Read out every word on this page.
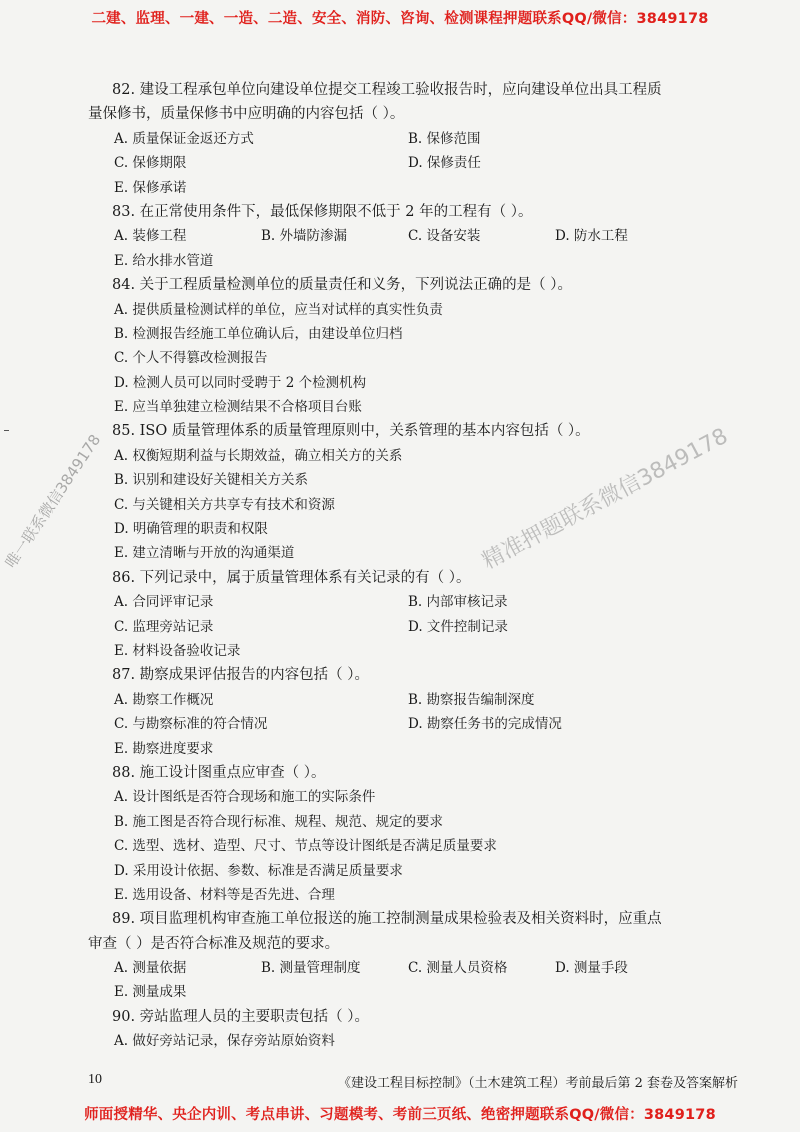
二建、监理、一建、一造、二造、安全、消防、咨询、检测课程押题联系QQ/微信：3849178
82. 建设工程承包单位向建设单位提交工程竣工验收报告时，应向建设单位出具工程质
量保修书，质量保修书中应明确的内容包括（ ）。
A. 质量保证金返还方式	B. 保修范围
C. 保修期限	D. 保修责任
E. 保修承诺
83. 在正常使用条件下，最低保修期限不低于 2 年的工程有（ ）。
A. 装修工程	B. 外墙防渗漏	C. 设备安装	D. 防水工程
E. 给水排水管道
84. 关于工程质量检测单位的质量责任和义务，下列说法正确的是（ ）。
A. 提供质量检测试样的单位，应当对试样的真实性负责
B. 检测报告经施工单位确认后，由建设单位归档
C. 个人不得篡改检测报告
D. 检测人员可以同时受聘于 2 个检测机构
E. 应当单独建立检测结果不合格项目台账
85. ISO 质量管理体系的质量管理原则中，关系管理的基本内容包括（ ）。
A. 权衡短期利益与长期效益，确立相关方的关系
B. 识别和建设好关键相关方关系
C. 与关键相关方共享专有技术和资源
D. 明确管理的职责和权限
E. 建立清晰与开放的沟通渠道
86. 下列记录中，属于质量管理体系有关记录的有（ ）。
A. 合同评审记录	B. 内部审核记录
C. 监理旁站记录	D. 文件控制记录
E. 材料设备验收记录
87. 勘察成果评估报告的内容包括（ ）。
A. 勘察工作概况	B. 勘察报告编制深度
C. 与勘察标准的符合情况	D. 勘察任务书的完成情况
E. 勘察进度要求
88. 施工设计图重点应审查（ ）。
A. 设计图纸是否符合现场和施工的实际条件
B. 施工图是否符合现行标准、规程、规范、规定的要求
C. 选型、选材、造型、尺寸、节点等设计图纸是否满足质量要求
D. 采用设计依据、参数、标准是否满足质量要求
E. 选用设备、材料等是否先进、合理
89. 项目监理机构审查施工单位报送的施工控制测量成果检验表及相关资料时，应重点
审查（ ）是否符合标准及规范的要求。
A. 测量依据	B. 测量管理制度	C. 测量人员资格	D. 测量手段
E. 测量成果
90. 旁站监理人员的主要职责包括（ ）。
A. 做好旁站记录，保存旁站原始资料
唯一联系微信3849178	精准押题联系微信3849178
10	《建设工程目标控制》（土木建筑工程）考前最后第 2 套卷及答案解析
师面授精华、央企内训、考点串讲、习题模考、考前三页纸、绝密押题联系QQ/微信：3849178
